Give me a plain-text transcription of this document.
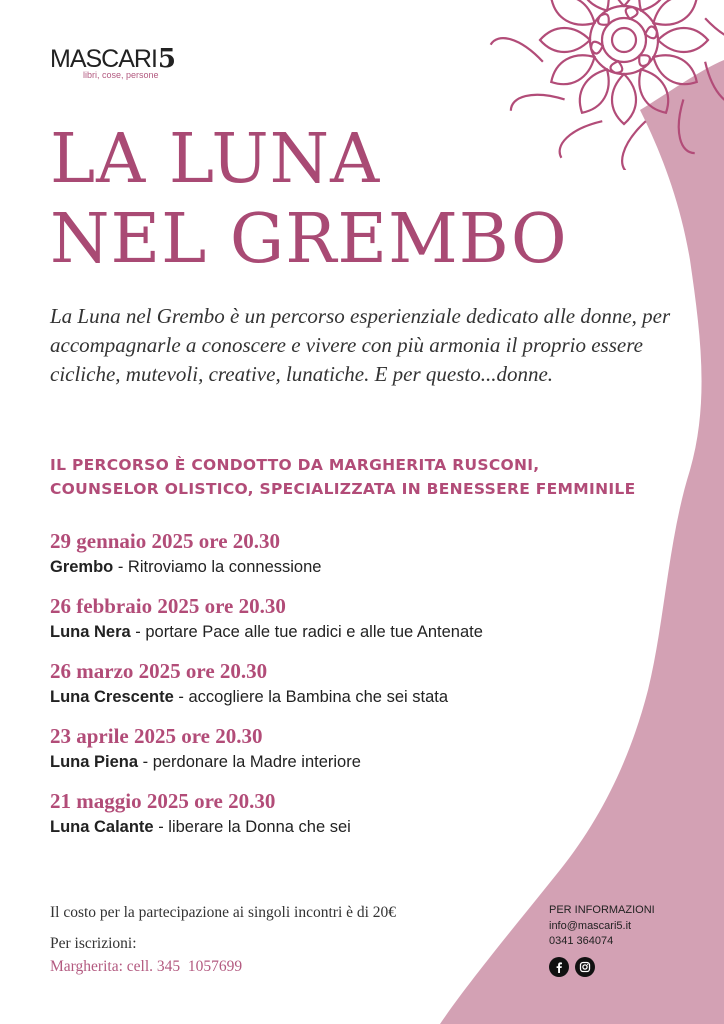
MASCARI5
libri, cose, persone
LA LUNA
NEL GREMBO

La Luna nel Grembo è un percorso esperienziale dedicato alle donne, per accompagnarle a conoscere e vivere con più armonia il proprio essere cicliche, mutevoli, creative, lunatiche. E per questo...donne.

IL PERCORSO È CONDOTTO DA MARGHERITA RUSCONI,
COUNSELOR OLISTICO, SPECIALIZZATA IN BENESSERE FEMMINILE

29 gennaio 2025 ore 20.30
Grembo - Ritroviamo la connessione
26 febbraio 2025 ore 20.30
Luna Nera - portare Pace alle tue radici e alle tue Antenate
26 marzo 2025 ore 20.30
Luna Crescente - accogliere la Bambina che sei stata
23 aprile 2025 ore 20.30
Luna Piena - perdonare la Madre interiore
21 maggio 2025 ore 20.30
Luna Calante - liberare la Donna che sei
Il costo per la partecipazione ai singoli incontri è di 20€
Per iscrizioni:
Margherita: cell. 345  1057699
PER INFORMAZIONI
info@mascari5.it
0341 364074
